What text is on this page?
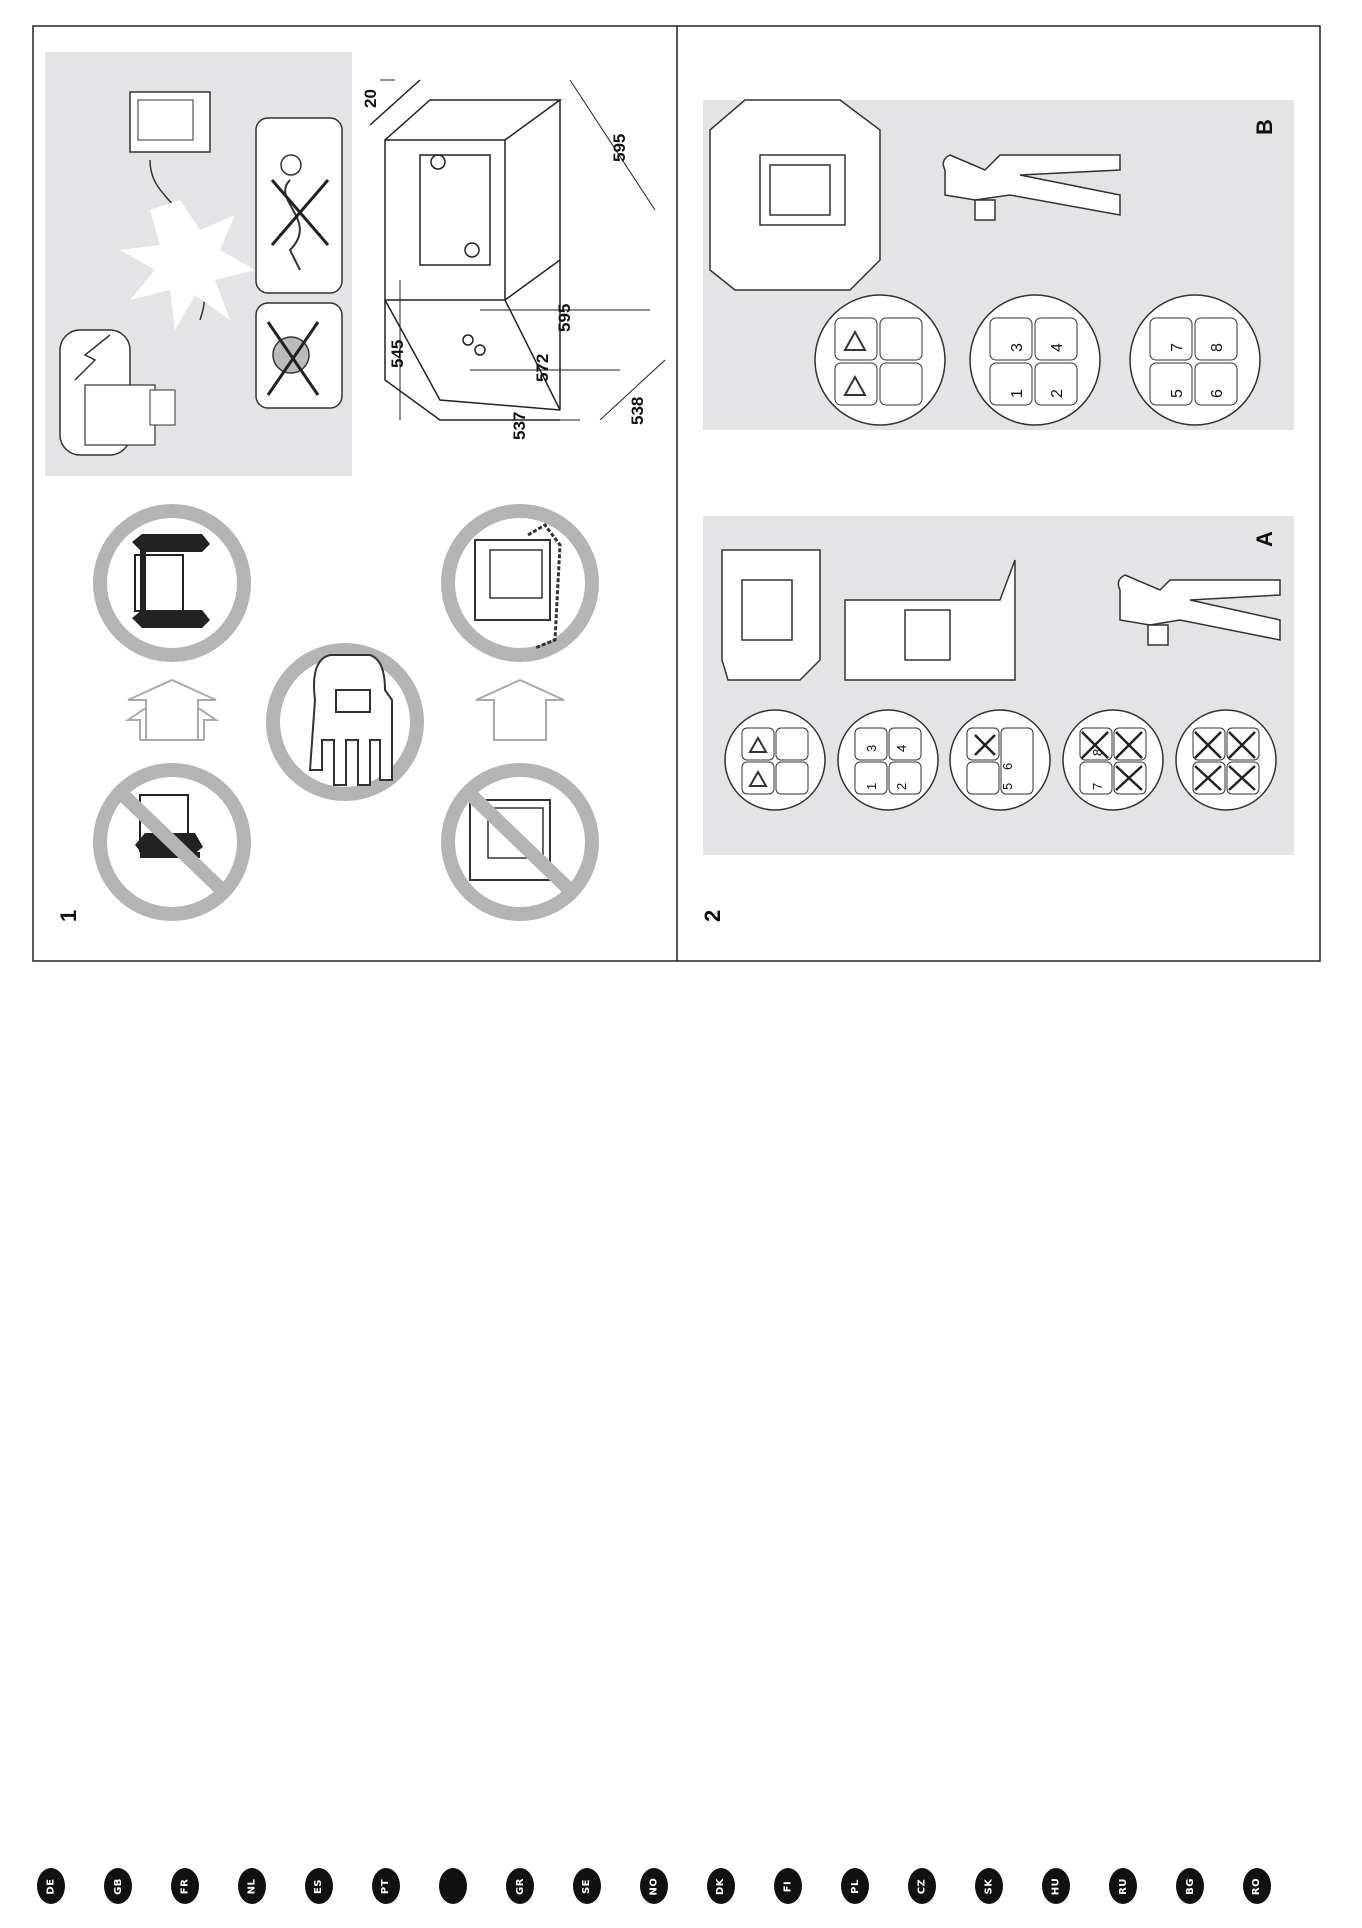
1
20
595
545
595
572
537
538
2
B
1 2
3 4
5 6
7 8
A
1 2
3 4
5
6
7
8
DE	GB	FR	NL	ES	PT	GR	SE	NO	DK	FI	PL	CZ	SK	HU	RU	BG	RO
